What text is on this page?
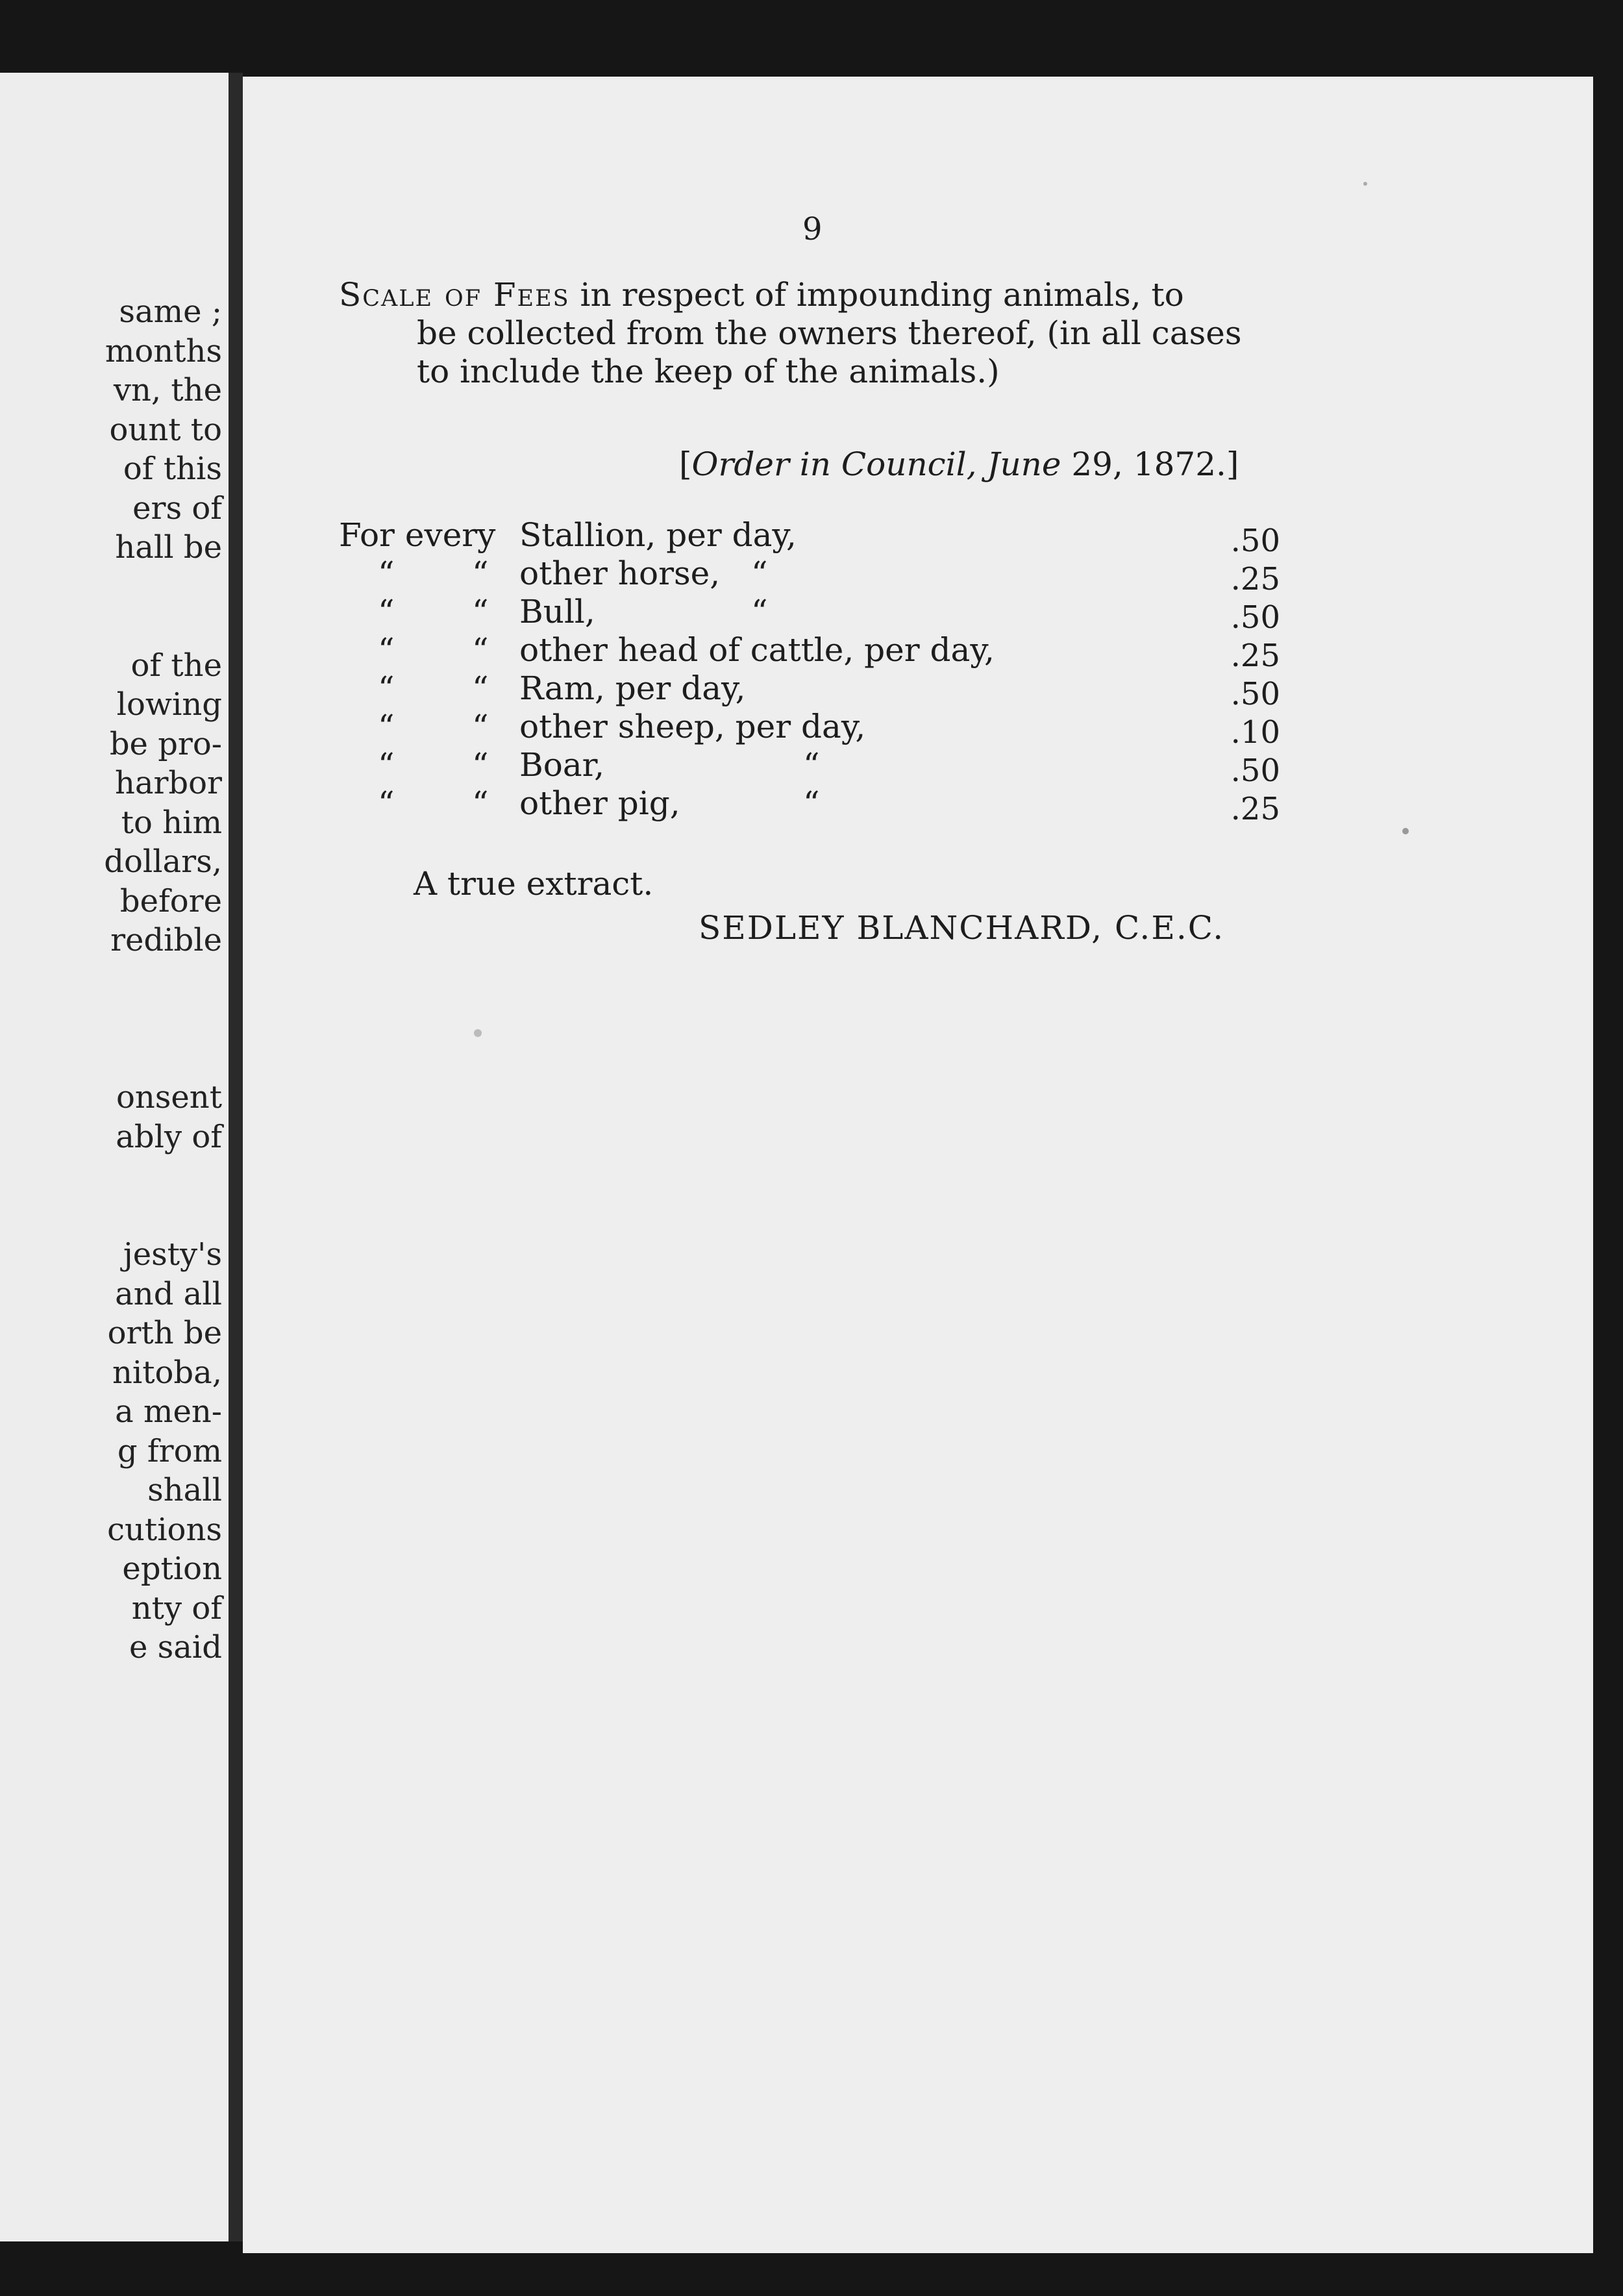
same ;
months
vn, the
ount to
of this
ers of
hall be
of the
lowing
be pro-
harbor
to him
dollars,
before
redible
onsent
ably of
jesty's
and all
orth be
nitoba,
a men-
g from
shall
cutions
eption
nty of
e said
9
Scale of Fees in respect of impounding animals, to
be collected from the owners thereof, (in all cases
to include the keep of the animals.)
[Order in Council, June 29, 1872.]
For every Stallion, per day,	.50
“ “ other horse, “	.25
“ “ Bull,	“	.50
“ “ other head of cattle, per day,	.25
“ “ Ram, per day,	.50
“ “ other sheep, per day,	.10
“ “ Boar,	“	.50
“ “ other pig,	“	.25
A true extract.
SEDLEY BLANCHARD, C.E.C.
